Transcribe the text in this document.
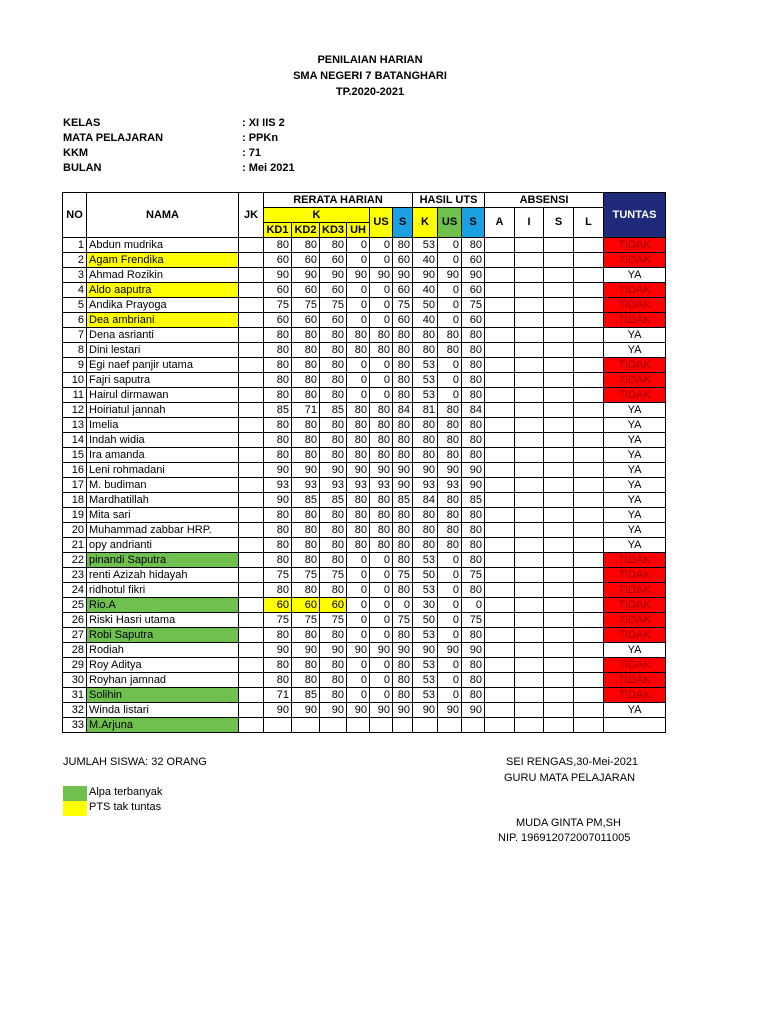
PENILAIAN HARIAN
SMA NEGERI 7 BATANGHARI
TP.2020-2021
KELAS	: XI IIS 2
MATA PELAJARAN	: PPKn
KKM	: 71
BULAN	: Mei 2021
NO	NAMA	JK	RERATA HARIAN						HASIL UTS			ABSENSI				TUNTAS
			K				US	S	K	US	S	A	I	S	L	
			KD1	KD2	KD3	UH										
1	Abdun mudrika		80	80	80	0	0	80	53	0	80					TIDAK
2	Agam Frendika		60	60	60	0	0	60	40	0	60					TIDAK
3	Ahmad Rozikin		90	90	90	90	90	90	90	90	90					YA
4	Aldo aaputra		60	60	60	0	0	60	40	0	60					TIDAK
5	Andika Prayoga		75	75	75	0	0	75	50	0	75					TIDAK
6	Dea ambriani		60	60	60	0	0	60	40	0	60					TIDAK
7	Dena asrianti		80	80	80	80	80	80	80	80	80					YA
8	Dini lestari		80	80	80	80	80	80	80	80	80					YA
9	Egi naef panjir utama		80	80	80	0	0	80	53	0	80					TIDAK
10	Fajri saputra		80	80	80	0	0	80	53	0	80					TIDAK
11	Hairul dirmawan		80	80	80	0	0	80	53	0	80					TIDAK
12	Hoiriatul jannah		85	71	85	80	80	84	81	80	84					YA
13	Imelia		80	80	80	80	80	80	80	80	80					YA
14	Indah widia		80	80	80	80	80	80	80	80	80					YA
15	Ira amanda		80	80	80	80	80	80	80	80	80					YA
16	Leni rohmadani		90	90	90	90	90	90	90	90	90					YA
17	M. budiman		93	93	93	93	93	90	93	93	90					YA
18	Mardhatillah		90	85	85	80	80	85	84	80	85					YA
19	Mita sari		80	80	80	80	80	80	80	80	80					YA
20	Muhammad zabbar HRP.		80	80	80	80	80	80	80	80	80					YA
21	opy andrianti		80	80	80	80	80	80	80	80	80					YA
22	pinandi Saputra		80	80	80	0	0	80	53	0	80					TIDAK
23	renti Azizah hidayah		75	75	75	0	0	75	50	0	75					TIDAK
24	ridhotul fikri		80	80	80	0	0	80	53	0	80					TIDAK
25	Rio.A		60	60	60	0	0	0	30	0	0					TIDAK
26	Riski Hasri utama		75	75	75	0	0	75	50	0	75					TIDAK
27	Robi Saputra		80	80	80	0	0	80	53	0	80					TIDAK
28	Rodiah		90	90	90	90	90	90	90	90	90					YA
29	Roy Aditya		80	80	80	0	0	80	53	0	80					TIDAK
30	Royhan jamnad		80	80	80	0	0	80	53	0	80					TIDAK
31	Solihin		71	85	80	0	0	80	53	0	80					TIDAK
32	Winda listari		90	90	90	90	90	90	90	90	90					YA
33	M.Arjuna															
JUMLAH SISWA: 32 ORANG
Alpa terbanyak
PTS tak tuntas
SEI RENGAS,30-Mei-2021
GURU MATA PELAJARAN
MUDA GINTA PM,SH
NIP. 196912072007011005
